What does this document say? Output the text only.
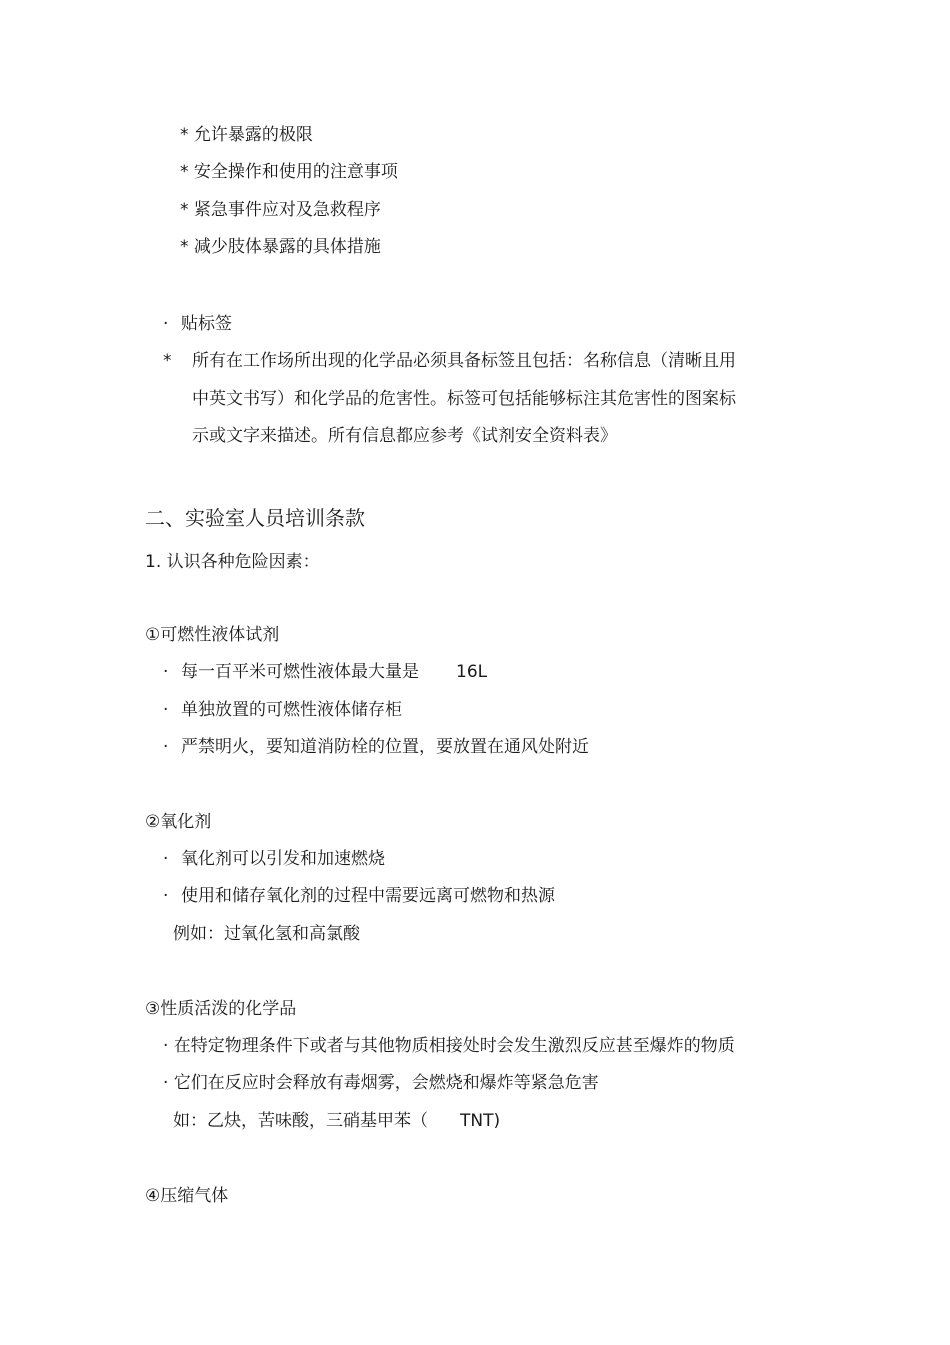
* 允许暴露的极限
* 安全操作和使用的注意事项
* 紧急事件应对及急救程序
* 减少肢体暴露的具体措施
· 贴标签
* 所有在工作场所出现的化学品必须具备标签且包括：名称信息（清晰且用
中英文书写）和化学品的危害性。标签可包括能够标注其危害性的图案标
示或文字来描述。所有信息都应参考《试剂安全资料表》
二、实验室人员培训条款
1. 认识各种危险因素：
①可燃性液体试剂
· 每一百平米可燃性液体最大量是 16L
· 单独放置的可燃性液体储存柜
· 严禁明火，要知道消防栓的位置，要放置在通风处附近
②氧化剂
· 氧化剂可以引发和加速燃烧
· 使用和储存氧化剂的过程中需要远离可燃物和热源
例如：过氧化氢和高氯酸
③性质活泼的化学品
· 在特定物理条件下或者与其他物质相接处时会发生激烈反应甚至爆炸的物质
· 它们在反应时会释放有毒烟雾，会燃烧和爆炸等紧急危害
如：乙炔，苦味酸，三硝基甲苯（ TNT)
④压缩气体
